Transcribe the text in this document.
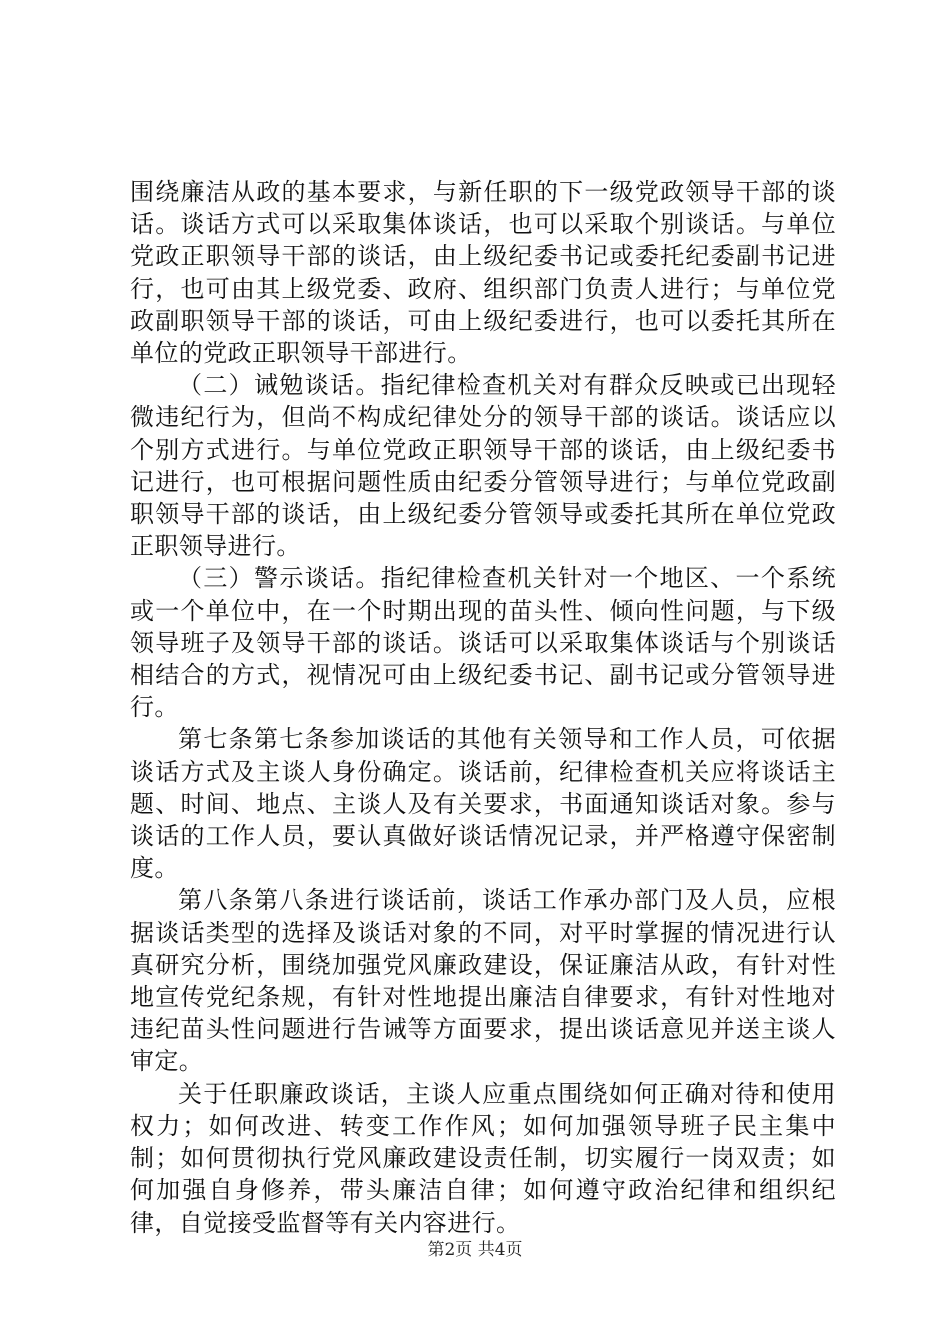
围绕廉洁从政的基本要求，与新任职的下一级党政领导干部的谈话。谈话方式可以采取集体谈话，也可以采取个别谈话。与单位党政正职领导干部的谈话，由上级纪委书记或委托纪委副书记进行，也可由其上级党委、政府、组织部门负责人进行；与单位党政副职领导干部的谈话，可由上级纪委进行，也可以委托其所在单位的党政正职领导干部进行。

（二）诫勉谈话。指纪律检查机关对有群众反映或已出现轻微违纪行为，但尚不构成纪律处分的领导干部的谈话。谈话应以个别方式进行。与单位党政正职领导干部的谈话，由上级纪委书记进行，也可根据问题性质由纪委分管领导进行；与单位党政副职领导干部的谈话，由上级纪委分管领导或委托其所在单位党政正职领导进行。

（三）警示谈话。指纪律检查机关针对一个地区、一个系统或一个单位中，在一个时期出现的苗头性、倾向性问题，与下级领导班子及领导干部的谈话。谈话可以采取集体谈话与个别谈话相结合的方式，视情况可由上级纪委书记、副书记或分管领导进行。

第七条第七条参加谈话的其他有关领导和工作人员，可依据谈话方式及主谈人身份确定。谈话前，纪律检查机关应将谈话主题、时间、地点、主谈人及有关要求，书面通知谈话对象。参与谈话的工作人员，要认真做好谈话情况记录，并严格遵守保密制度。

第八条第八条进行谈话前，谈话工作承办部门及人员，应根据谈话类型的选择及谈话对象的不同，对平时掌握的情况进行认真研究分析，围绕加强党风廉政建设，保证廉洁从政，有针对性地宣传党纪条规，有针对性地提出廉洁自律要求，有针对性地对违纪苗头性问题进行告诫等方面要求，提出谈话意见并送主谈人审定。

关于任职廉政谈话，主谈人应重点围绕如何正确对待和使用权力；如何改进、转变工作作风；如何加强领导班子民主集中制；如何贯彻执行党风廉政建设责任制，切实履行一岗双责；如何加强自身修养，带头廉洁自律；如何遵守政治纪律和组织纪律，自觉接受监督等有关内容进行。

第2页 共4页
